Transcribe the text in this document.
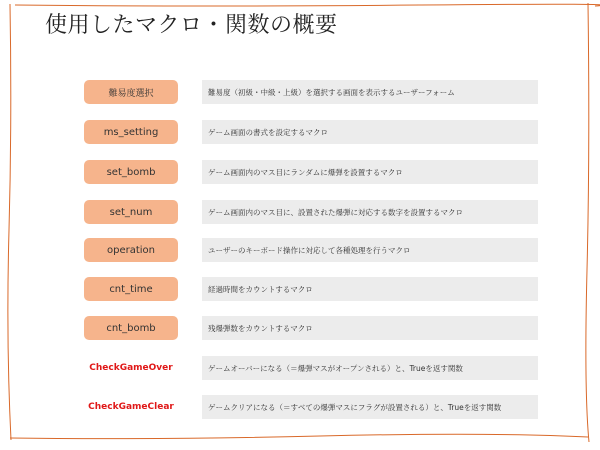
使用したマクロ・関数の概要
難易度選択	難易度（初級・中級・上級）を選択する画面を表示するユーザーフォーム
ms_setting	ゲーム画面の書式を設定するマクロ
set_bomb	ゲーム画面内のマス目にランダムに爆弾を設置するマクロ
set_num	ゲーム画面内のマス目に、設置された爆弾に対応する数字を設置するマクロ
operation	ユーザーのキーボード操作に対応して各種処理を行うマクロ
cnt_time	経過時間をカウントするマクロ
cnt_bomb	残爆弾数をカウントするマクロ
CheckGameOver	ゲームオーバーになる（＝爆弾マスがオープンされる）と、Trueを返す関数
CheckGameClear	ゲームクリアになる（＝すべての爆弾マスにフラグが設置される）と、Trueを返す関数
